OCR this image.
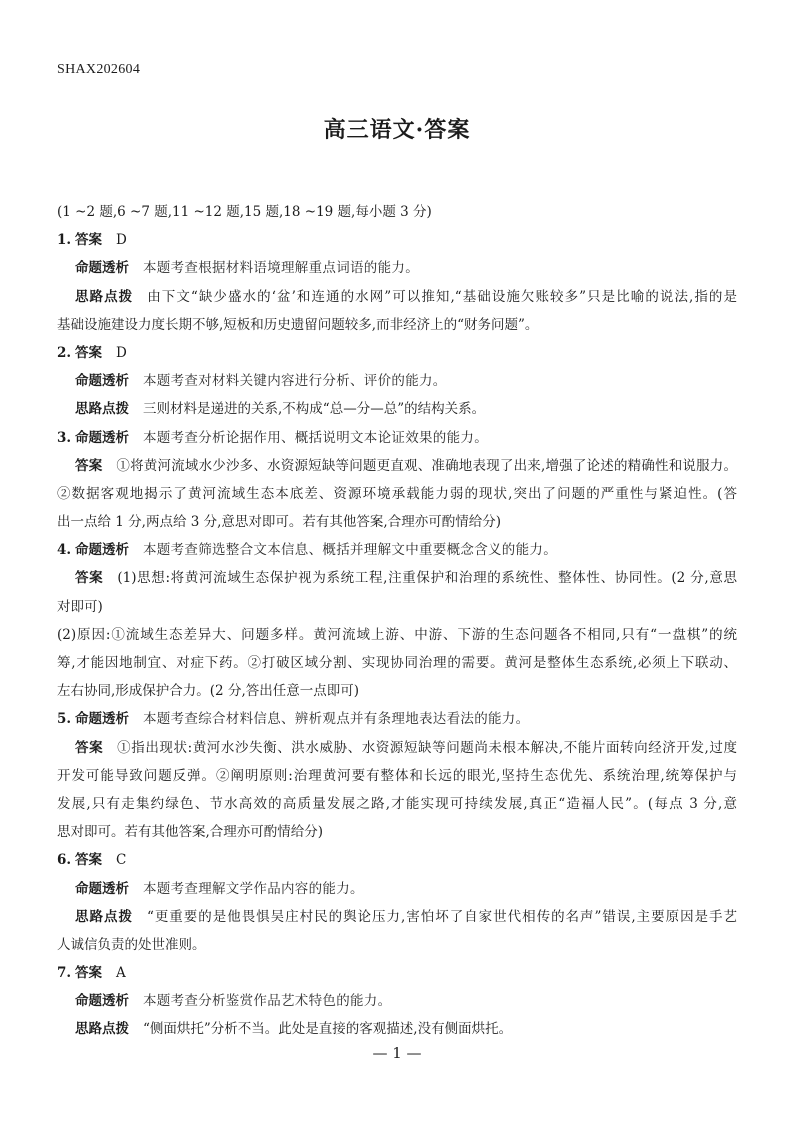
SHAX202604
高三语文·答案
(1 ~2 题,6 ~7 题,11 ~12 题,15 题,18 ~19 题,每小题 3 分)
1. 答案 D
命题透析 本题考查根据材料语境理解重点词语的能力。
思路点拨 由下文“缺少盛水的‘盆’和连通的水网”可以推知,“基础设施欠账较多”只是比喻的说法,指的是
基础设施建设力度长期不够,短板和历史遗留问题较多,而非经济上的“财务问题”。
2. 答案 D
命题透析 本题考查对材料关键内容进行分析、评价的能力。
思路点拨 三则材料是递进的关系,不构成“总—分—总”的结构关系。
3. 命题透析 本题考查分析论据作用、概括说明文本论证效果的能力。
答案 ①将黄河流域水少沙多、水资源短缺等问题更直观、准确地表现了出来,增强了论述的精确性和说服力。
②数据客观地揭示了黄河流域生态本底差、资源环境承载能力弱的现状,突出了问题的严重性与紧迫性。(答
出一点给 1 分,两点给 3 分,意思对即可。若有其他答案,合理亦可酌情给分)
4. 命题透析 本题考查筛选整合文本信息、概括并理解文中重要概念含义的能力。
答案 (1)思想:将黄河流域生态保护视为系统工程,注重保护和治理的系统性、整体性、协同性。(2 分,意思
对即可)
(2)原因:①流域生态差异大、问题多样。黄河流域上游、中游、下游的生态问题各不相同,只有“一盘棋”的统
筹,才能因地制宜、对症下药。②打破区域分割、实现协同治理的需要。黄河是整体生态系统,必须上下联动、
左右协同,形成保护合力。(2 分,答出任意一点即可)
5. 命题透析 本题考查综合材料信息、辨析观点并有条理地表达看法的能力。
答案 ①指出现状:黄河水沙失衡、洪水威胁、水资源短缺等问题尚未根本解决,不能片面转向经济开发,过度
开发可能导致问题反弹。②阐明原则:治理黄河要有整体和长远的眼光,坚持生态优先、系统治理,统筹保护与
发展,只有走集约绿色、节水高效的高质量发展之路,才能实现可持续发展,真正“造福人民”。(每点 3 分,意
思对即可。若有其他答案,合理亦可酌情给分)
6. 答案 C
命题透析 本题考查理解文学作品内容的能力。
思路点拨 “更重要的是他畏惧吴庄村民的舆论压力,害怕坏了自家世代相传的名声”错误,主要原因是手艺
人诚信负责的处世准则。
7. 答案 A
命题透析 本题考查分析鉴赏作品艺术特色的能力。
思路点拨 “侧面烘托”分析不当。此处是直接的客观描述,没有侧面烘托。
— 1 —
